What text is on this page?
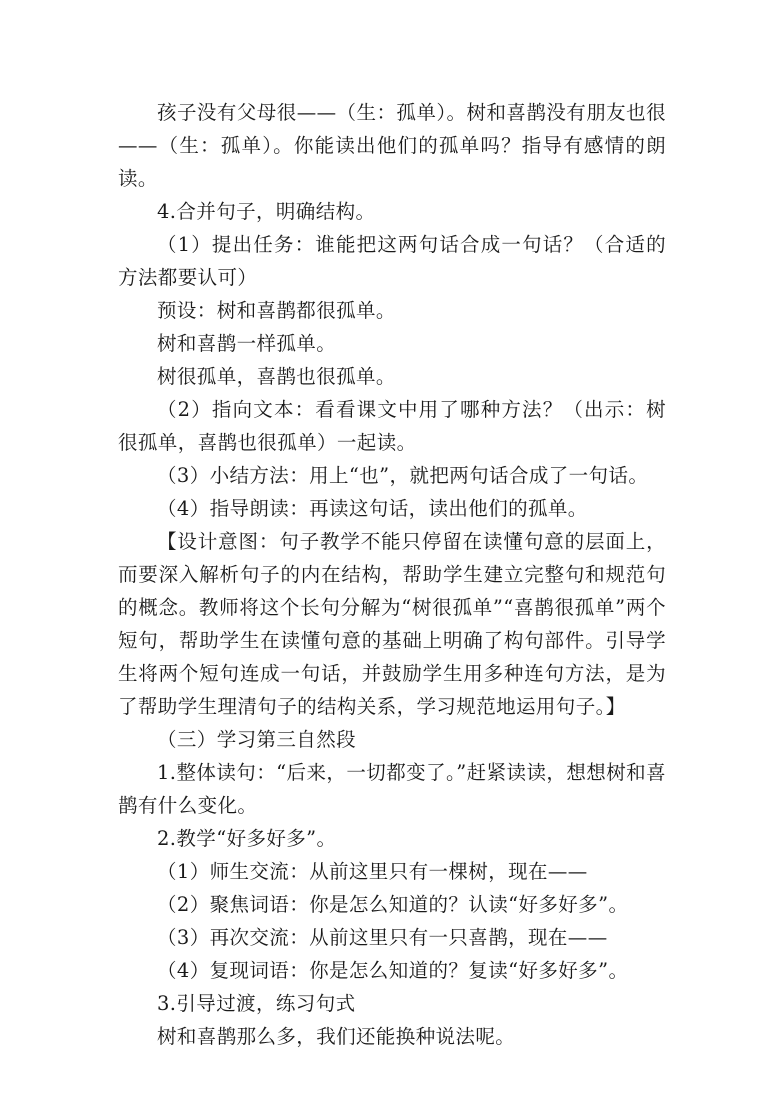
孩子没有父母很——（生：孤单）。树和喜鹊没有朋友也很——（生：孤单）。你能读出他们的孤单吗？指导有感情的朗读。

4.合并句子，明确结构。

（1）提出任务：谁能把这两句话合成一句话？（合适的方法都要认可）

预设：树和喜鹊都很孤单。

树和喜鹊一样孤单。

树很孤单，喜鹊也很孤单。

（2）指向文本：看看课文中用了哪种方法？（出示：树很孤单，喜鹊也很孤单）一起读。

（3）小结方法：用上“也”，就把两句话合成了一句话。

（4）指导朗读：再读这句话，读出他们的孤单。

【设计意图：句子教学不能只停留在读懂句意的层面上，而要深入解析句子的内在结构，帮助学生建立完整句和规范句的概念。教师将这个长句分解为“树很孤单”“喜鹊很孤单”两个短句，帮助学生在读懂句意的基础上明确了构句部件。引导学生将两个短句连成一句话，并鼓励学生用多种连句方法，是为了帮助学生理清句子的结构关系，学习规范地运用句子。】

（三）学习第三自然段

1.整体读句：“后来，一切都变了。”赶紧读读，想想树和喜鹊有什么变化。

2.教学“好多好多”。

（1）师生交流：从前这里只有一棵树，现在——

（2）聚焦词语：你是怎么知道的？认读“好多好多”。

（3）再次交流：从前这里只有一只喜鹊，现在——

（4）复现词语：你是怎么知道的？复读“好多好多”。

3.引导过渡，练习句式

树和喜鹊那么多，我们还能换种说法呢。
